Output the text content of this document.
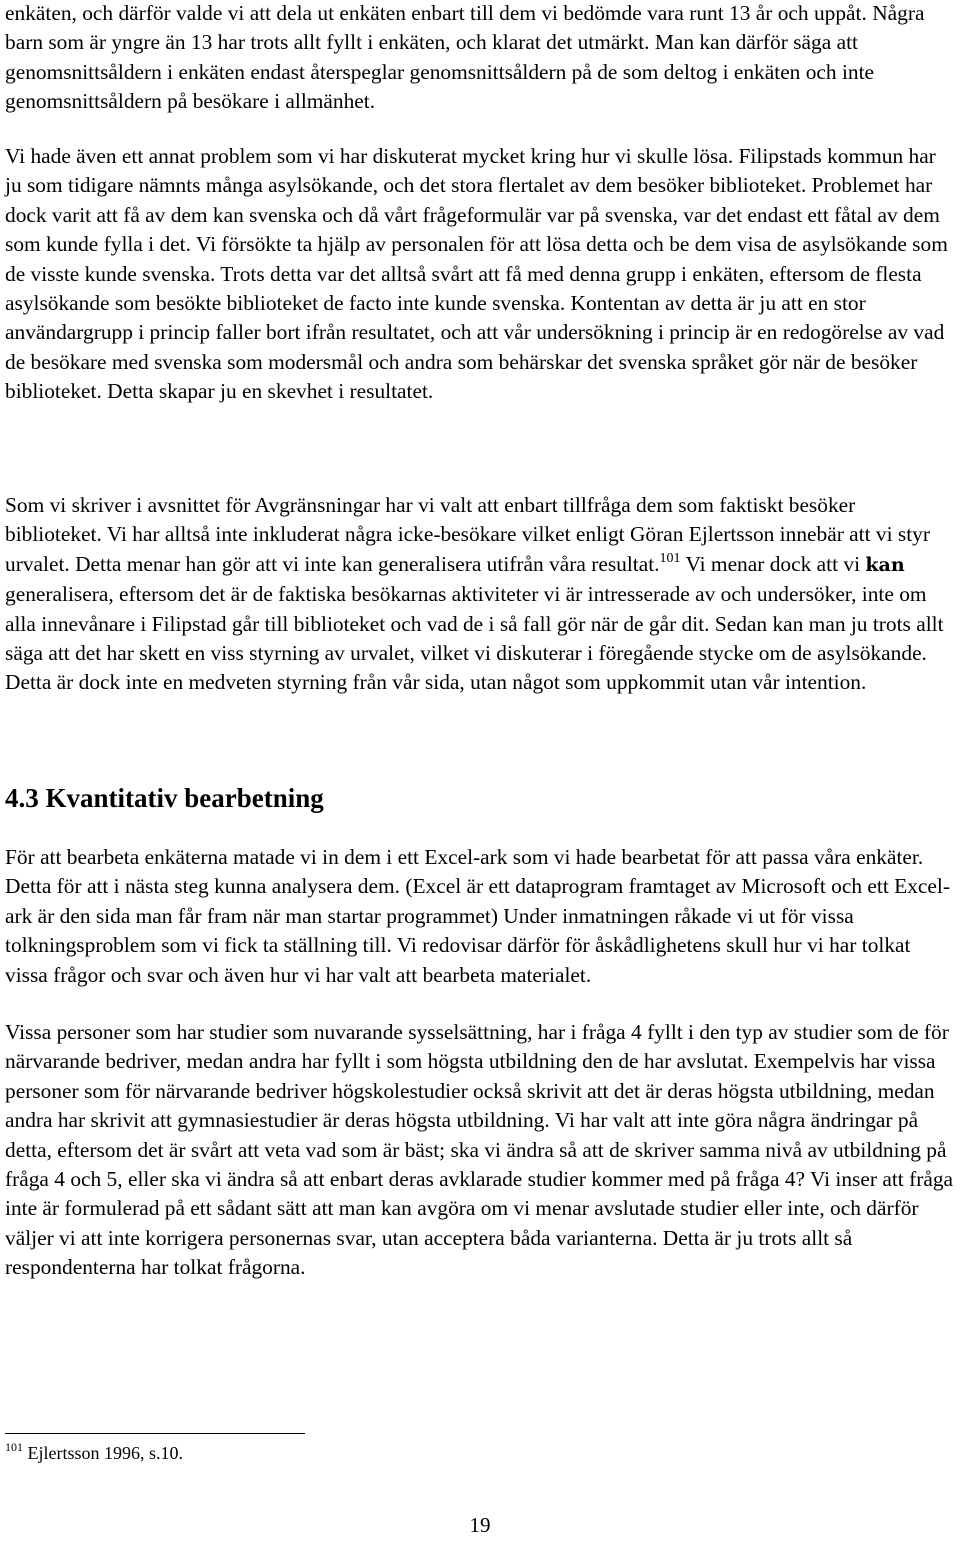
enkäten, och därför valde vi att dela ut enkäten enbart till dem vi bedömde vara runt 13 år och uppåt. Några barn som är yngre än 13 har trots allt fyllt i enkäten, och klarat det utmärkt. Man kan därför säga att genomsnittsåldern i enkäten endast återspeglar genomsnittsåldern på de som deltog i enkäten och inte genomsnittsåldern på besökare i allmänhet.

Vi hade även ett annat problem som vi har diskuterat mycket kring hur vi skulle lösa. Filipstads kommun har ju som tidigare nämnts många asylsökande, och det stora flertalet av dem besöker biblioteket. Problemet har dock varit att få av dem kan svenska och då vårt frågeformulär var på svenska, var det endast ett fåtal av dem som kunde fylla i det. Vi försökte ta hjälp av personalen för att lösa detta och be dem visa de asylsökande som de visste kunde svenska. Trots detta var det alltså svårt att få med denna grupp i enkäten, eftersom de flesta asylsökande som besökte biblioteket de facto inte kunde svenska. Kontentan av detta är ju att en stor användargrupp i princip faller bort ifrån resultatet, och att vår undersökning i princip är en redogörelse av vad de besökare med svenska som modersmål och andra som behärskar det svenska språket gör när de besöker biblioteket. Detta skapar ju en skevhet i resultatet.

Som vi skriver i avsnittet för Avgränsningar har vi valt att enbart tillfråga dem som faktiskt besöker biblioteket. Vi har alltså inte inkluderat några icke-besökare vilket enligt Göran Ejlertsson innebär att vi styr urvalet. Detta menar han gör att vi inte kan generalisera utifrån våra resultat.$^{101}$ Vi menar dock att vi kan generalisera, eftersom det är de faktiska besökarnas aktiviteter vi är intresserade av och undersöker, inte om alla innevånare i Filipstad går till biblioteket och vad de i så fall gör när de går dit. Sedan kan man ju trots allt säga att det har skett en viss styrning av urvalet, vilket vi diskuterar i föregående stycke om de asylsökande. Detta är dock inte en medveten styrning från vår sida, utan något som uppkommit utan vår intention.

4.3 Kvantitativ bearbetning

För att bearbeta enkäterna matade vi in dem i ett Excel-ark som vi hade bearbetat för att passa våra enkäter. Detta för att i nästa steg kunna analysera dem. (Excel är ett dataprogram framtaget av Microsoft och ett Excel-ark är den sida man får fram när man startar programmet) Under inmatningen råkade vi ut för vissa tolkningsproblem som vi fick ta ställning till. Vi redovisar därför för åskådlighetens skull hur vi har tolkat vissa frågor och svar och även hur vi har valt att bearbeta materialet.

Vissa personer som har studier som nuvarande sysselsättning, har i fråga 4 fyllt i den typ av studier som de för närvarande bedriver, medan andra har fyllt i som högsta utbildning den de har avslutat. Exempelvis har vissa personer som för närvarande bedriver högskolestudier också skrivit att det är deras högsta utbildning, medan andra har skrivit att gymnasiestudier är deras högsta utbildning. Vi har valt att inte göra några ändringar på detta, eftersom det är svårt att veta vad som är bäst; ska vi ändra så att de skriver samma nivå av utbildning på fråga 4 och 5, eller ska vi ändra så att enbart deras avklarade studier kommer med på fråga 4? Vi inser att fråga inte är formulerad på ett sådant sätt att man kan avgöra om vi menar avslutade studier eller inte, och därför väljer vi att inte korrigera personernas svar, utan acceptera båda varianterna. Detta är ju trots allt så respondenterna har tolkat frågorna.

$^{101}$ Ejlertsson 1996, s.10.

19
